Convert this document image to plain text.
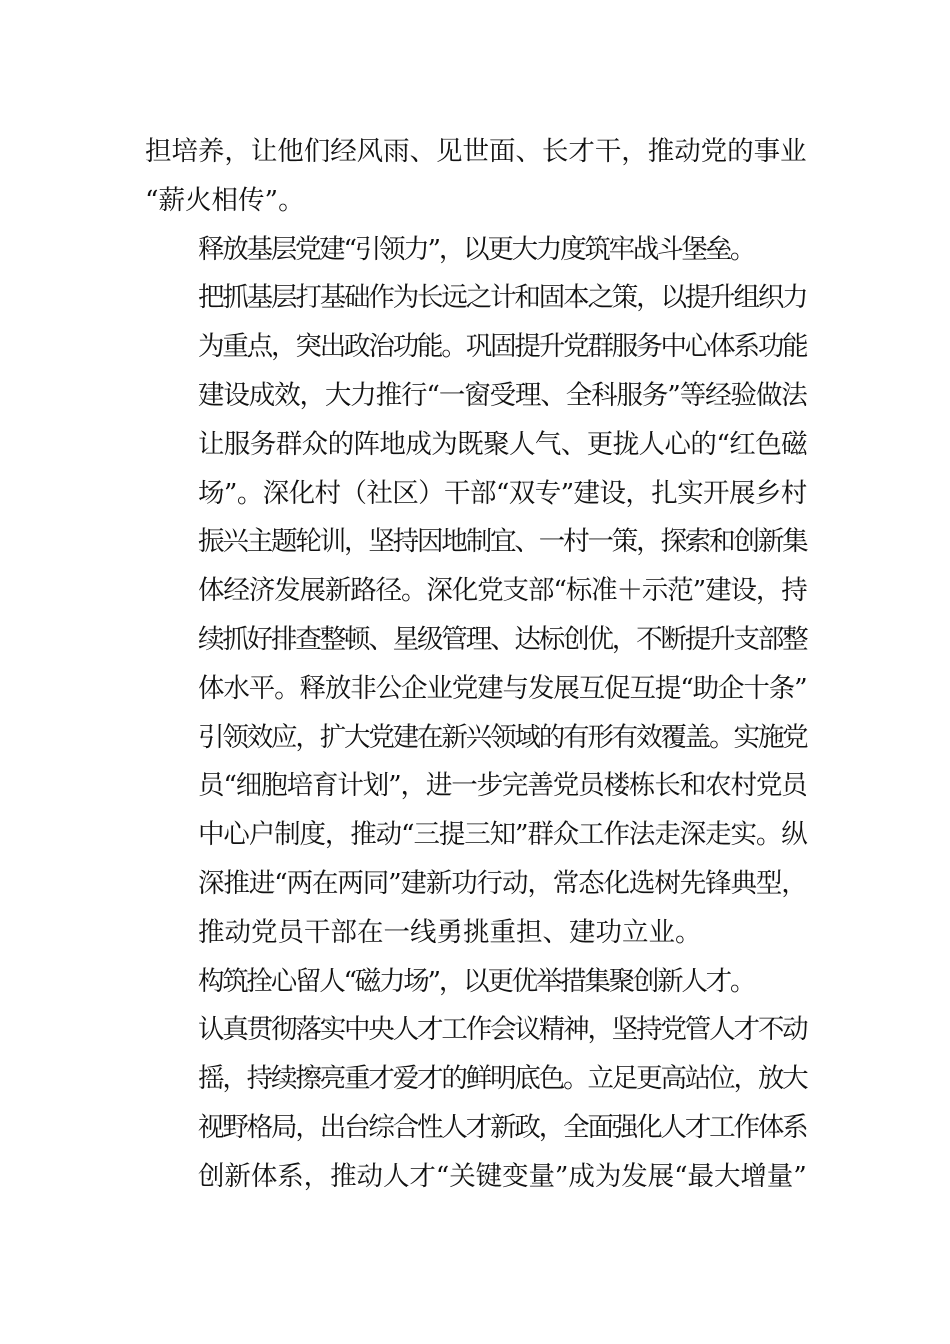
担培养，让他们经风雨、见世面、长才干，推动党的事业
“薪火相传”。

释放基层党建“引领力”，以更大力度筑牢战斗堡垒。
把抓基层打基础作为长远之计和固本之策，以提升组织力
为重点，突出政治功能。巩固提升党群服务中心体系功能
建设成效，大力推行“一窗受理、全科服务”等经验做法
让服务群众的阵地成为既聚人气、更拢人心的“红色磁
场”。深化村（社区）干部“双专”建设，扎实开展乡村
振兴主题轮训，坚持因地制宜、一村一策，探索和创新集
体经济发展新路径。深化党支部“标准＋示范”建设，持
续抓好排查整顿、星级管理、达标创优，不断提升支部整
体水平。释放非公企业党建与发展互促互提“助企十条”
引领效应，扩大党建在新兴领域的有形有效覆盖。实施党
员“细胞培育计划”，进一步完善党员楼栋长和农村党员
中心户制度，推动“三提三知”群众工作法走深走实。纵
深推进“两在两同”建新功行动，常态化选树先锋典型，
推动党员干部在一线勇挑重担、建功立业。

构筑拴心留人“磁力场”，以更优举措集聚创新人才。
认真贯彻落实中央人才工作会议精神，坚持党管人才不动
摇，持续擦亮重才爱才的鲜明底色。立足更高站位，放大
视野格局，出台综合性人才新政，全面强化人才工作体系
创新体系，推动人才“关键变量”成为发展“最大增量”
